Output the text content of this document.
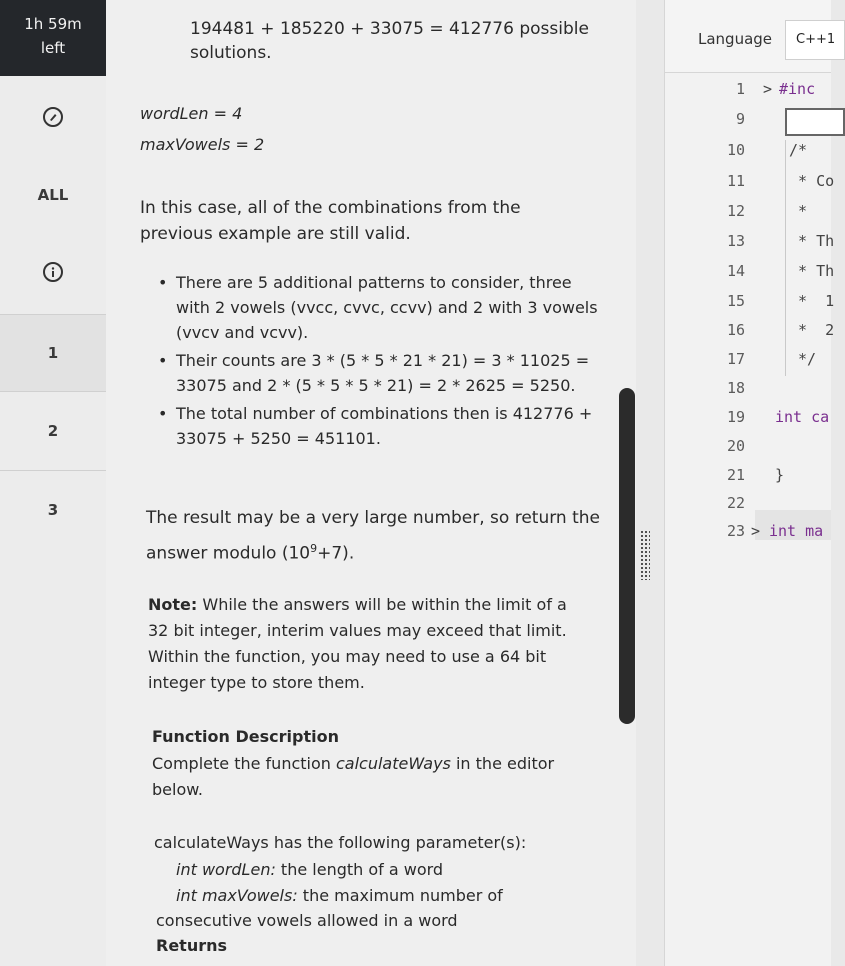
1h 59m
left
ALL
1
2
3
194481 + 185220 + 33075 = 412776 possible
solutions.
wordLen = 4
maxVowels = 2
In this case, all of the combinations from the
previous example are still valid.
• There are 5 additional patterns to consider, three
with 2 vowels (vvcc, cvvc, ccvv) and 2 with 3 vowels
(vvcv and vcvv).
• Their counts are 3 * (5 * 5 * 21 * 21) = 3 * 11025 =
33075 and 2 * (5 * 5 * 5 * 21) = 2 * 2625 = 5250.
• The total number of combinations then is 412776 +
33075 + 5250 = 451101.
The result may be a very large number, so return the
answer modulo $(10^9+7)$.
Note: While the answers will be within the limit of a
32 bit integer, interim values may exceed that limit.
Within the function, you may need to use a 64 bit
integer type to store them.
Function Description
Complete the function calculateWays in the editor
below.
calculateWays has the following parameter(s):
int wordLen: the length of a word
int maxVowels: the maximum number of
consecutive vowels allowed in a word
Returns
Language	C++1
1 > #inc
9
10	/*
11	* Co
12	*
13	* Th
14	* Th
15	*  1
16	*  2
17	*/
18
19 int ca
20
21 }
22
23 > int ma
